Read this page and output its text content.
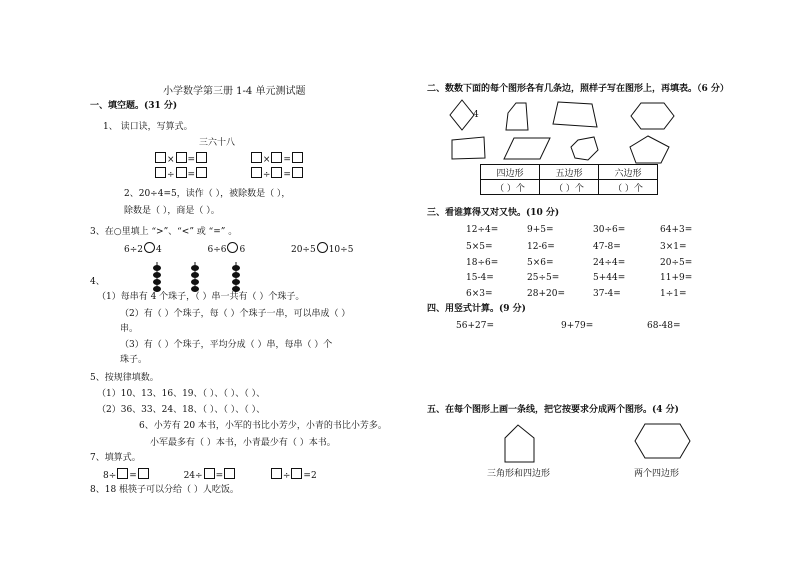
小学数学第三册 1-4 单元测试题
一、填空题。(31 分)
1、 读口诀，写算式。
三六十八
× =	× =
÷ =	÷ =
2、20÷4=5，读作（ ），被除数是（ ），
除数是（ ），商是（ ）。
3、在○里填上 “>”、“<” 或 “=” 。
6÷2 4	6÷6 6	20÷5 10÷5
4、
4
（1）每串有 4 个珠子，（ ）串一共有（ ）个珠子。
（2）有（ ）个珠子，每（ ）个珠子一串，可以串成（ ）
串。
（3）有（ ）个珠子，平均分成（ ）串，每串（ ）个
珠子。
5、按规律填数。
（1）10、13、16、19、（ ）、（ ）、（ ）、
（2）36、33、24、18、（ ）、（ ）、（ ）、
6、小芳有 20 本书，小军的书比小芳少，小青的书比小芳多。
小军最多有（ ）本书，小青最少有（ ）本书。
7、填算式。
8÷ =	24÷ =	÷ =2
8、18 根筷子可以分给（ ）人吃饭。
二、数数下面的每个图形各有几条边，照样子写在图形上，再填表。（6 分）
四边形	五边形	六边形
（ ）个	（ ）个	（ ）个
三、看谁算得又对又快。(10 分)
12÷4=	9+5=	30÷6=	64+3=
5×5=	12-6=	47-8=	3×1=
18÷6=	5×6=	24÷4=	20÷5=
15-4=	25÷5=	5+44=	11+9=
6×3=	28+20=	37-4=	1÷1=
四、用竖式计算。(9 分)
56+27=	9+79=	68-48=
五、在每个图形上画一条线，把它按要求分成两个图形。(4 分)
三角形和四边形	两个四边形
